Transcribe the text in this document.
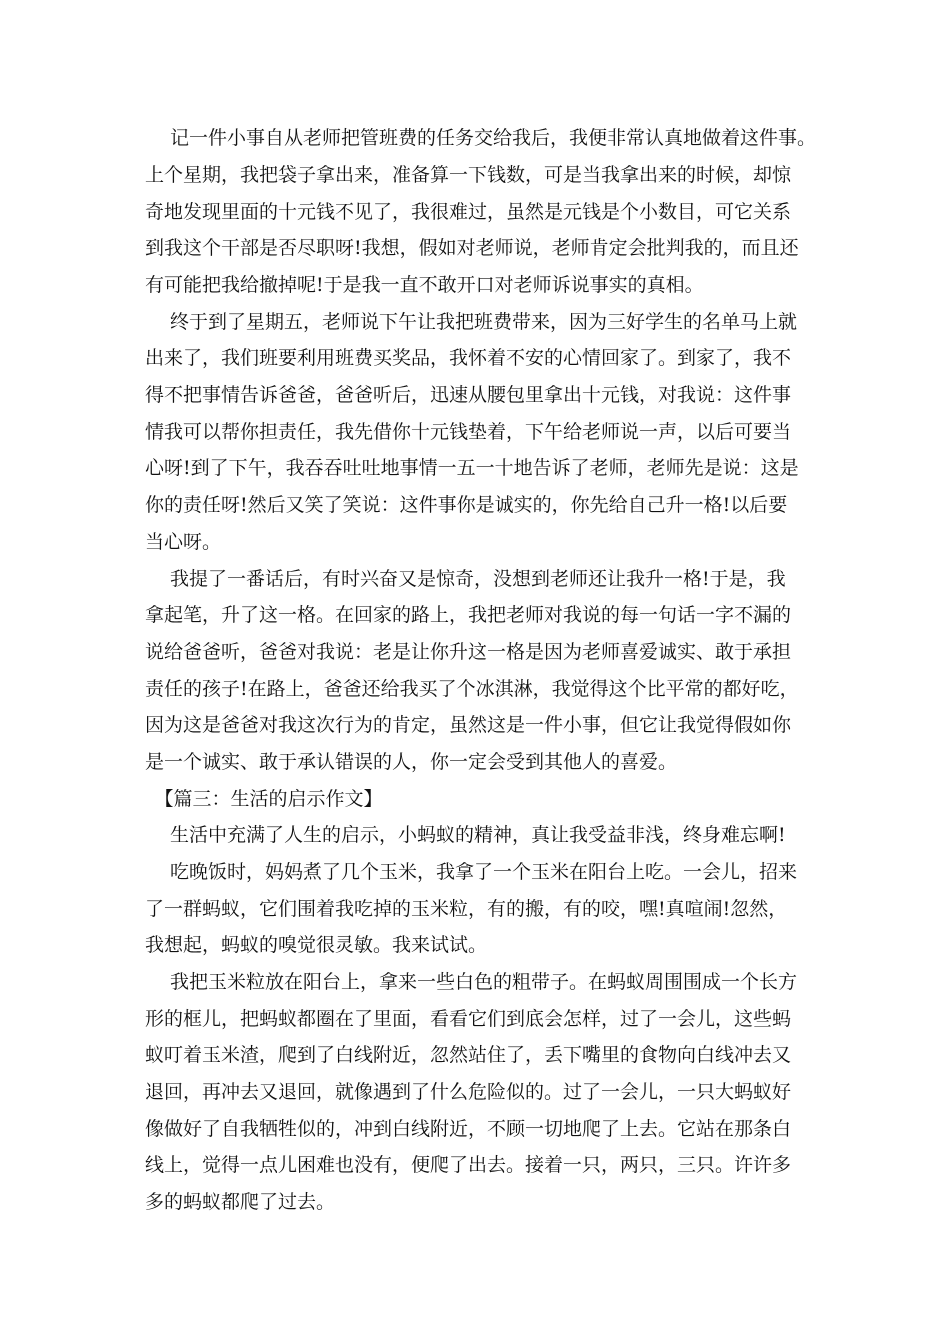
　 记一件小事自从老师把管班费的任务交给我后，我便非常认真地做着这件事。
上个星期，我把袋子拿出来，准备算一下钱数，可是当我拿出来的时候，却惊
奇地发现里面的十元钱不见了，我很难过，虽然是元钱是个小数目，可它关系
到我这个干部是否尽职呀!我想，假如对老师说，老师肯定会批判我的，而且还
有可能把我给撤掉呢!于是我一直不敢开口对老师诉说事实的真相。
　 终于到了星期五，老师说下午让我把班费带来，因为三好学生的名单马上就
出来了，我们班要利用班费买奖品，我怀着不安的心情回家了。到家了，我不
得不把事情告诉爸爸，爸爸听后，迅速从腰包里拿出十元钱，对我说：这件事
情我可以帮你担责任，我先借你十元钱垫着，下午给老师说一声，以后可要当
心呀!到了下午，我吞吞吐吐地事情一五一十地告诉了老师，老师先是说：这是
你的责任呀!然后又笑了笑说：这件事你是诚实的，你先给自己升一格!以后要
当心呀。
　 我提了一番话后，有时兴奋又是惊奇，没想到老师还让我升一格!于是，我
拿起笔，升了这一格。在回家的路上，我把老师对我说的每一句话一字不漏的
说给爸爸听，爸爸对我说：老是让你升这一格是因为老师喜爱诚实、敢于承担
责任的孩子!在路上，爸爸还给我买了个冰淇淋，我觉得这个比平常的都好吃，
因为这是爸爸对我这次行为的肯定，虽然这是一件小事，但它让我觉得假如你
是一个诚实、敢于承认错误的人，你一定会受到其他人的喜爱。
　【篇三：生活的启示作文】
　 生活中充满了人生的启示，小蚂蚁的精神，真让我受益非浅，终身难忘啊!
　 吃晚饭时，妈妈煮了几个玉米，我拿了一个玉米在阳台上吃。一会儿，招来
了一群蚂蚁，它们围着我吃掉的玉米粒，有的搬，有的咬，嘿!真喧闹!忽然，
我想起，蚂蚁的嗅觉很灵敏。我来试试。
　 我把玉米粒放在阳台上，拿来一些白色的粗带子。在蚂蚁周围围成一个长方
形的框儿，把蚂蚁都圈在了里面，看看它们到底会怎样，过了一会儿，这些蚂
蚁叮着玉米渣，爬到了白线附近，忽然站住了，丢下嘴里的食物向白线冲去又
退回，再冲去又退回，就像遇到了什么危险似的。过了一会儿，一只大蚂蚁好
像做好了自我牺牲似的，冲到白线附近，不顾一切地爬了上去。它站在那条白
线上，觉得一点儿困难也没有，便爬了出去。接着一只，两只，三只。许许多
多的蚂蚁都爬了过去。
